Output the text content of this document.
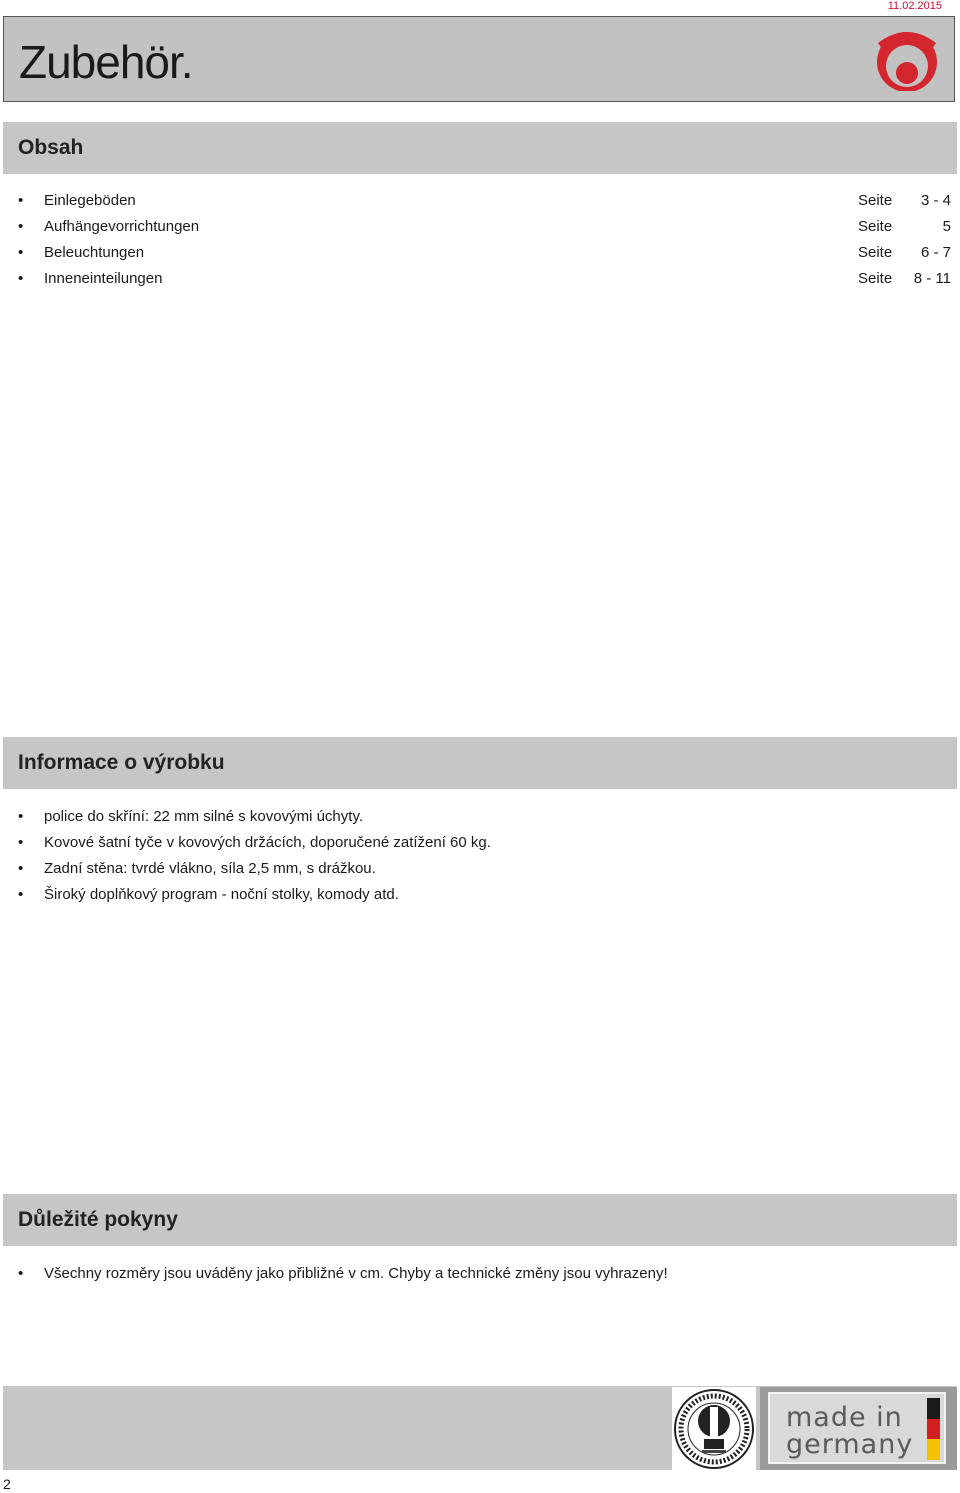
11.02.2015
Zubehör.
Obsah
• Einlegeböden	Seite 3 - 4
• Aufhängevorrichtungen	Seite	5
• Beleuchtungen	Seite 6 - 7
• Inneneinteilungen	Seite 8 - 11
Informace o výrobku
• police do skříní: 22 mm silné s kovovými úchyty.
• Kovové šatní tyče v kovových držácích, doporučené zatížení 60 kg.
• Zadní stěna: tvrdé vlákno, síla 2,5 mm, s drážkou.
• Široký doplňkový program - noční stolky, komody atd.
Důležité pokyny
• Všechny rozměry jsou uváděny jako přibližné v cm. Chyby a technické změny jsou vyhrazeny!
made in
germany
2
